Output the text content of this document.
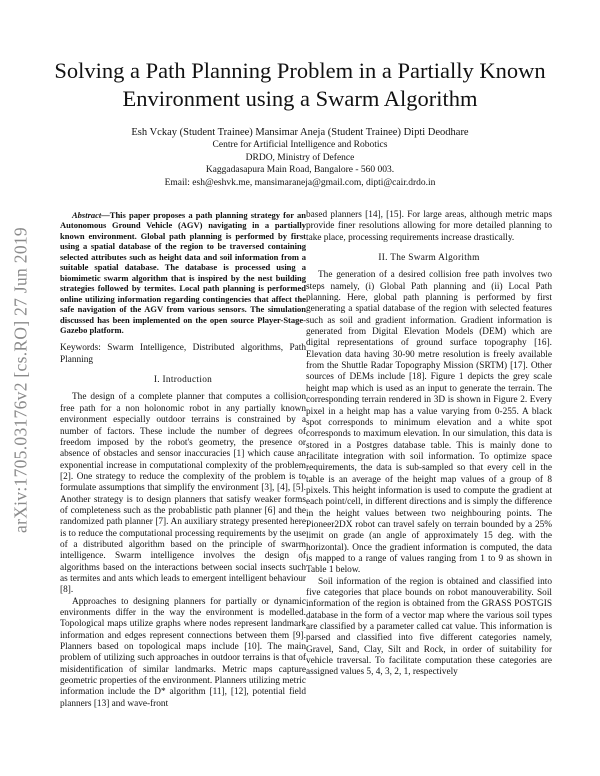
arXiv:1705.03176v2 [cs.RO] 27 Jun 2019
Solving a Path Planning Problem in a Partially Known Environment using a Swarm Algorithm
Esh Vckay (Student Trainee) Mansimar Aneja (Student Trainee) Dipti Deodhare
Centre for Artificial Intelligence and Robotics
DRDO, Ministry of Defence
Kaggadasapura Main Road, Bangalore - 560 003.
Email: esh@eshvk.me, mansimaraneja@gmail.com, dipti@cair.drdo.in

Abstract—This paper proposes a path planning strategy for an Autonomous Ground Vehicle (AGV) navigating in a partially known environment. Global path planning is performed by first using a spatial database of the region to be traversed containing selected attributes such as height data and soil information from a suitable spatial database. The database is processed using a biomimetic swarm algorithm that is inspired by the nest building strategies followed by termites. Local path planning is performed online utilizing information regarding contingencies that affect the safe navigation of the AGV from various sensors. The simulation discussed has been implemented on the open source Player-Stage-Gazebo platform.

Keywords: Swarm Intelligence, Distributed algorithms, Path Planning

I. Introduction

The design of a complete planner that computes a collision free path for a non holonomic robot in any partially known environment especially outdoor terrains is constrained by a number of factors. These include the number of degrees of freedom imposed by the robot's geometry, the presence or absence of obstacles and sensor inaccuracies [1] which cause an exponential increase in computational complexity of the problem [2]. One strategy to reduce the complexity of the problem is to formulate assumptions that simplify the environment [3], [4], [5]. Another strategy is to design planners that satisfy weaker forms of completeness such as the probablistic path planner [6] and the randomized path planner [7]. An auxiliary strategy presented here is to reduce the computational processing requirements by the use of a distributed algorithm based on the principle of swarm intelligence. Swarm intelligence involves the design of algorithms based on the interactions between social insects such as termites and ants which leads to emergent intelligent behaviour [8].

Approaches to designing planners for partially or dynamic environments differ in the way the environment is modelled. Topological maps utilize graphs where nodes represent landmark information and edges represent connections between them [9]. Planners based on topological maps include [10]. The main problem of utilizing such approaches in outdoor terrains is that of misidentification of similar landmarks. Metric maps capture geometric properties of the environment. Planners utilizing metric information include the D* algorithm [11], [12], potential field planners [13] and wave-front

based planners [14], [15]. For large areas, although metric maps provide finer resolutions allowing for more detailed planning to take place, processing requirements increase drastically.

II. The Swarm Algorithm

The generation of a desired collision free path involves two steps namely, (i) Global Path planning and (ii) Local Path planning. Here, global path planning is performed by first generating a spatial database of the region with selected features such as soil and gradient information. Gradient information is generated from Digital Elevation Models (DEM) which are digital representations of ground surface topography [16]. Elevation data having 30-90 metre resolution is freely available from the Shuttle Radar Topography Mission (SRTM) [17]. Other sources of DEMs include [18]. Figure 1 depicts the grey scale height map which is used as an input to generate the terrain. The corresponding terrain rendered in 3D is shown in Figure 2. Every pixel in a height map has a value varying from 0-255. A black spot corresponds to minimum elevation and a white spot corresponds to maximum elevation. In our simulation, this data is stored in a Postgres database table. This is mainly done to facilitate integration with soil information. To optimize space requirements, the data is sub-sampled so that every cell in the table is an average of the height map values of a group of 8 pixels. This height information is used to compute the gradient at each point/cell, in different directions and is simply the difference in the height values between two neighbouring points. The Pioneer2DX robot can travel safely on terrain bounded by a 25% limit on grade (an angle of approximately 15 deg. with the horizontal). Once the gradient information is computed, the data is mapped to a range of values ranging from 1 to 9 as shown in Table 1 below.

Soil information of the region is obtained and classified into five categories that place bounds on robot manouverability. Soil information of the region is obtained from the GRASS POSTGIS database in the form of a vector map where the various soil types are classified by a parameter called cat value. This information is parsed and classified into five different categories namely, Gravel, Sand, Clay, Silt and Rock, in order of suitability for vehicle traversal. To facilitate computation these categories are assigned values 5, 4, 3, 2, 1, respectively
